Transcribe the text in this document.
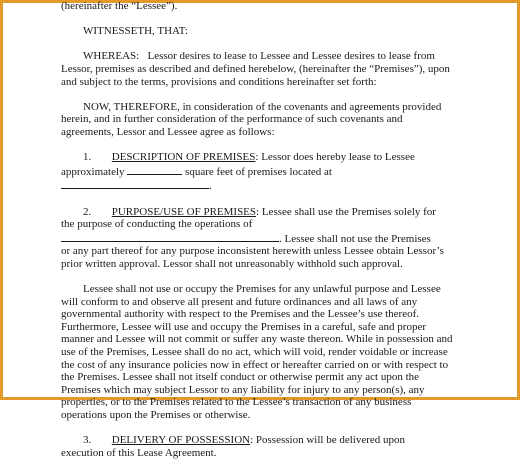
(hereinafter the “Lessee”).
WITNESSETH, THAT:
WHEREAS: Lessor desires to lease to Lessee and Lessee desires to lease from
Lessor, premises as described and defined herebelow, (hereinafter the “Premises”), upon
and subject to the terms, provisions and conditions hereinafter set forth:
NOW, THEREFORE, in consideration of the covenants and agreements provided
herein, and in further consideration of the performance of such covenants and
agreements, Lessor and Lessee agree as follows:
1. DESCRIPTION OF PREMISES: Lessor does hereby lease to Lessee
approximately	square feet of premises located at
.
2. PURPOSE/USE OF PREMISES: Lessee shall use the Premises solely for
the purpose of conducting the operations of
. Lessee shall not use the Premises
or any part thereof for any purpose inconsistent herewith unless Lessee obtain Lessor’s
prior written approval. Lessor shall not unreasonably withhold such approval.
Lessee shall not use or occupy the Premises for any unlawful purpose and Lessee
will conform to and observe all present and future ordinances and all laws of any
governmental authority with respect to the Premises and the Lessee’s use thereof.
Furthermore, Lessee will use and occupy the Premises in a careful, safe and proper
manner and Lessee will not commit or suffer any waste thereon. While in possession and
use of the Premises, Lessee shall do no act, which will void, render voidable or increase
the cost of any insurance policies now in effect or hereafter carried on or with respect to
the Premises. Lessee shall not itself conduct or otherwise permit any act upon the
Premises which may subject Lessor to any liability for injury to any person(s), any
properties, or to the Premises related to the Lessee’s transaction of any business
operations upon the Premises or otherwise.
3. DELIVERY OF POSSESSION: Possession will be delivered upon
execution of this Lease Agreement.
